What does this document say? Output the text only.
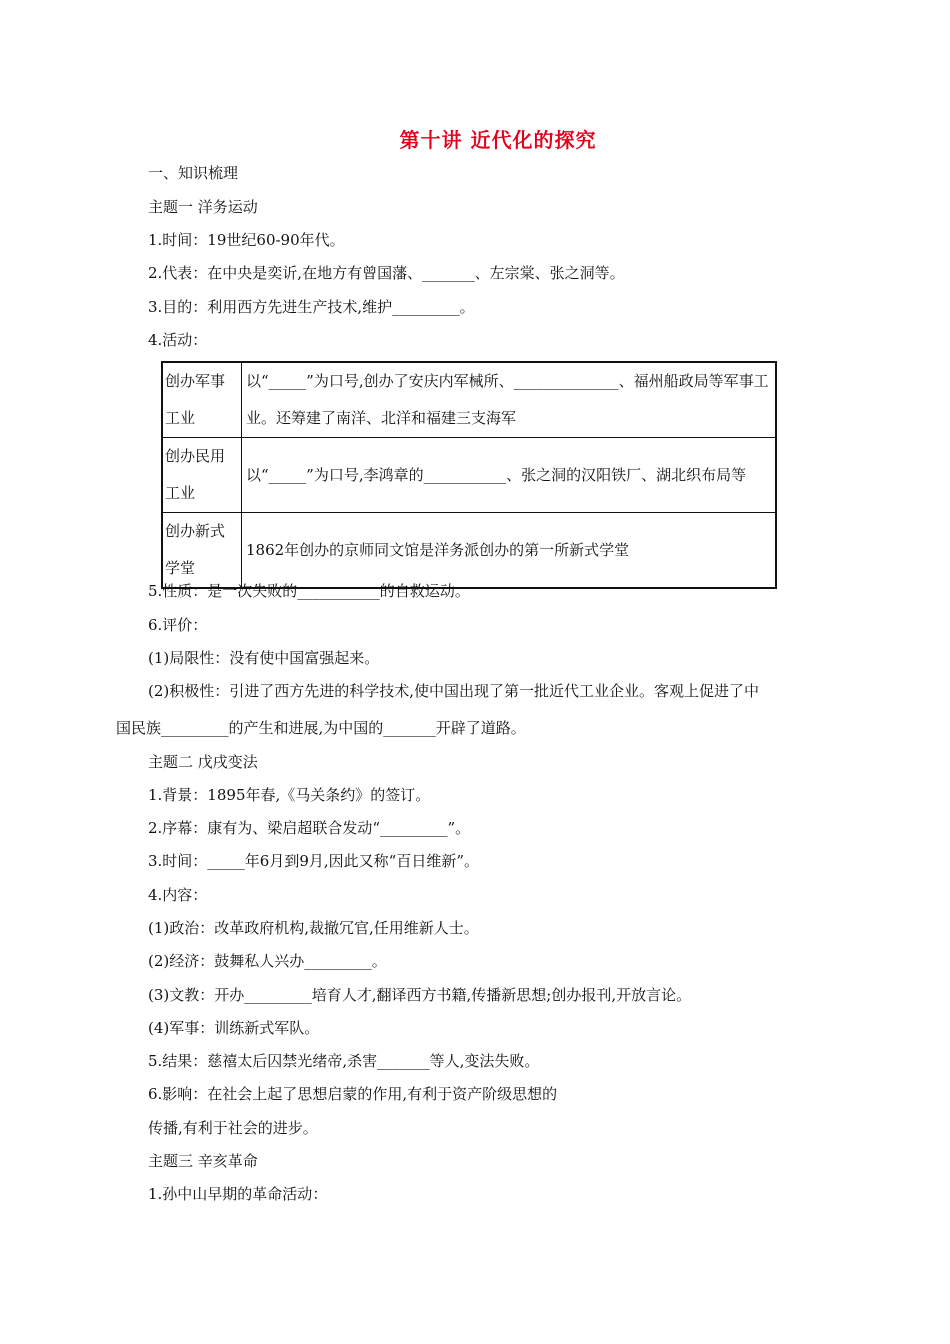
第十讲 近代化的探究
一、知识梳理
主题一 洋务运动
1.时间：19世纪60-90年代。
2.代表：在中央是奕䜣,在地方有曾国藩、_______、左宗棠、张之洞等。
3.目的：利用西方先进生产技术,维护_________。
4.活动：
创办军事工业	以“_____”为口号,创办了安庆内军械所、______________、福州船政局等军事工业。还筹建了南洋、北洋和福建三支海军
创办民用工业	以“_____”为口号,李鸿章的___________、张之洞的汉阳铁厂、湖北织布局等
创办新式学堂	1862年创办的京师同文馆是洋务派创办的第一所新式学堂
5.性质：是一次失败的___________的自救运动。
6.评价：
(1)局限性：没有使中国富强起来。
(2)积极性：引进了西方先进的科学技术,使中国出现了第一批近代工业企业。客观上促进了中
国民族_________的产生和进展,为中国的_______开辟了道路。
主题二 戊戌变法
1.背景：1895年春,《马关条约》的签订。
2.序幕：康有为、梁启超联合发动“_________”。
3.时间：_____年6月到9月,因此又称“百日维新”。
4.内容：
(1)政治：改革政府机构,裁撤冗官,任用维新人士。
(2)经济：鼓舞私人兴办_________。
(3)文教：开办_________培育人才,翻译西方书籍,传播新思想;创办报刊,开放言论。
(4)军事：训练新式军队。
5.结果：慈禧太后囚禁光绪帝,杀害_______等人,变法失败。
6.影响：在社会上起了思想启蒙的作用,有利于资产阶级思想的
传播,有利于社会的进步。
主题三 辛亥革命
1.孙中山早期的革命活动：
